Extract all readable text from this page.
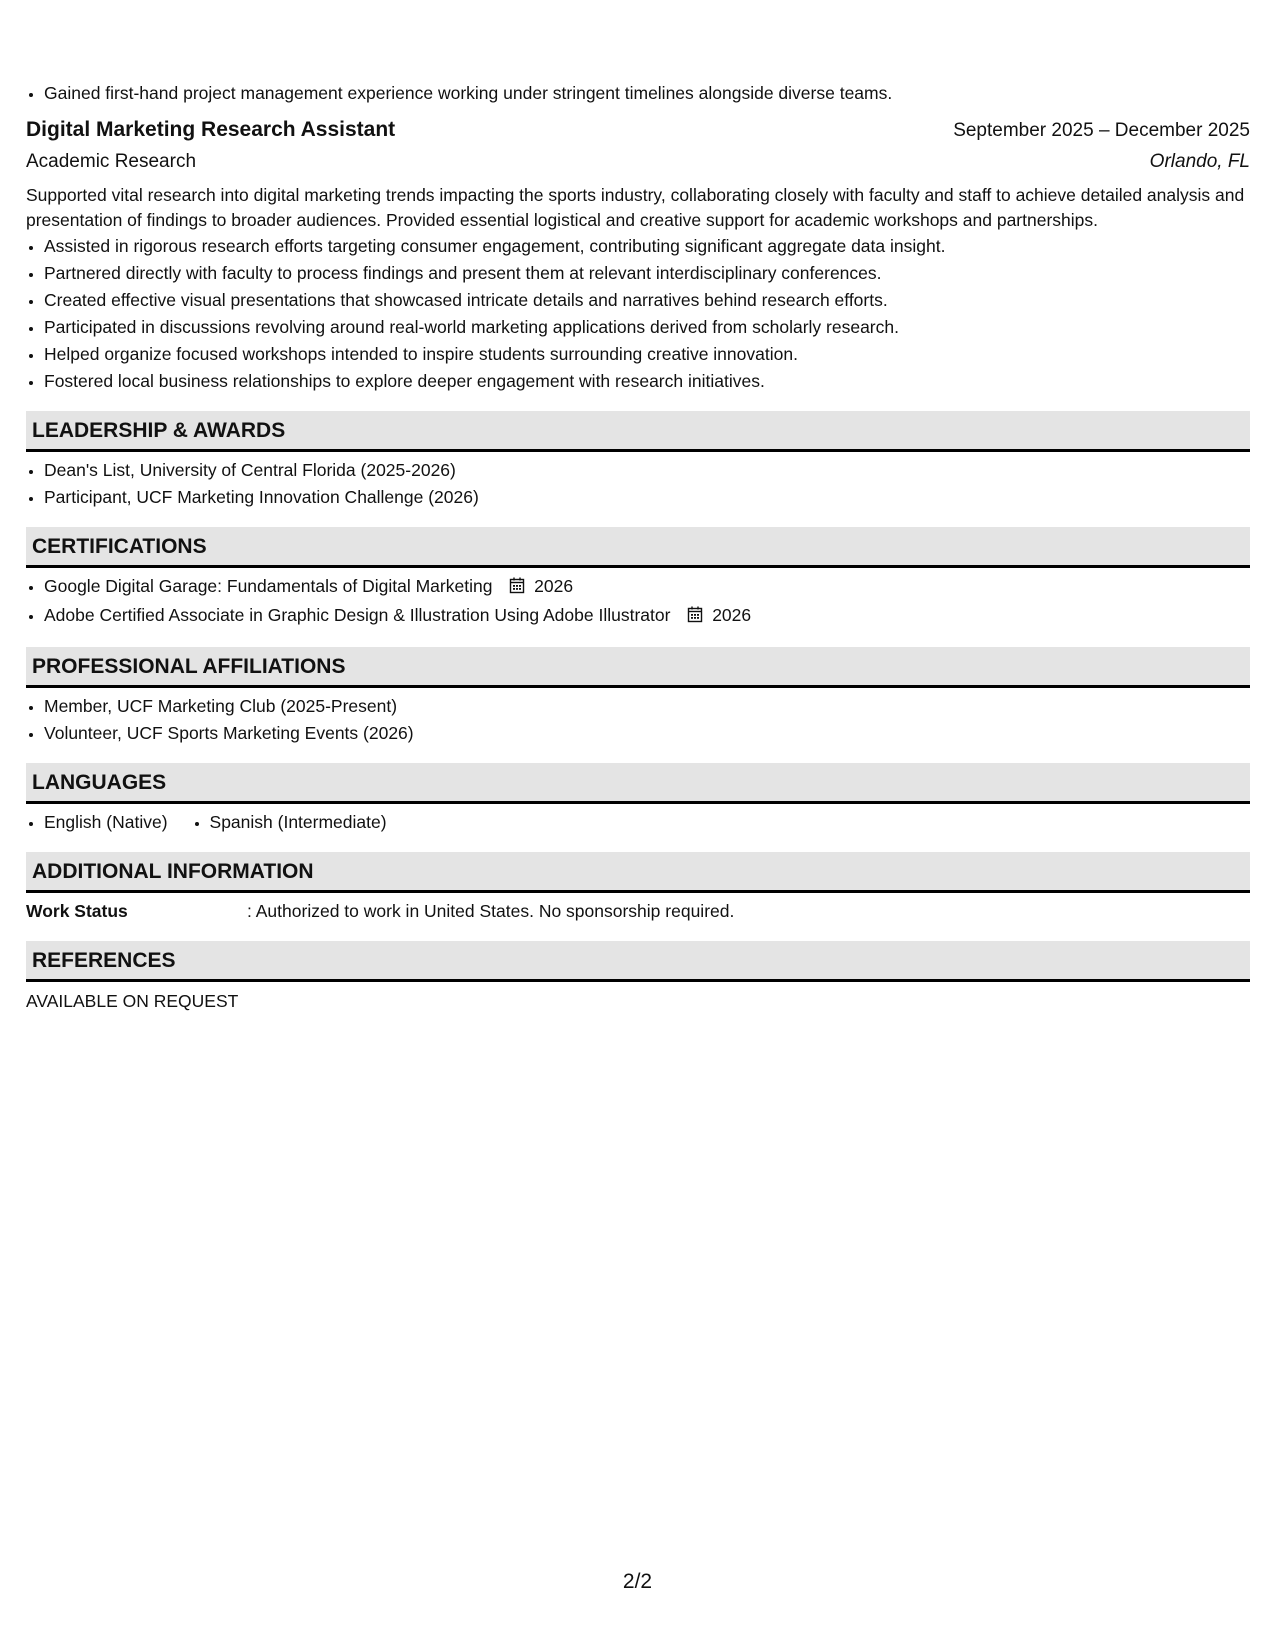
• Gained first-hand project management experience working under stringent timelines alongside diverse teams.
Digital Marketing Research Assistant	September 2025 – December 2025
Academic Research	Orlando, FL

Supported vital research into digital marketing trends impacting the sports industry, collaborating closely with faculty and staff to achieve detailed analysis and presentation of findings to broader audiences. Provided essential logistical and creative support for academic workshops and partnerships.

• Assisted in rigorous research efforts targeting consumer engagement, contributing significant aggregate data insight.
• Partnered directly with faculty to process findings and present them at relevant interdisciplinary conferences.
• Created effective visual presentations that showcased intricate details and narratives behind research efforts.
• Participated in discussions revolving around real-world marketing applications derived from scholarly research.
• Helped organize focused workshops intended to inspire students surrounding creative innovation.
• Fostered local business relationships to explore deeper engagement with research initiatives.
LEADERSHIP & AWARDS
• Dean's List, University of Central Florida (2025-2026)
• Participant, UCF Marketing Innovation Challenge (2026)
CERTIFICATIONS
• Google Digital Garage: Fundamentals of Digital Marketing 2026
• Adobe Certified Associate in Graphic Design & Illustration Using Adobe Illustrator 2026
PROFESSIONAL AFFILIATIONS
• Member, UCF Marketing Club (2025-Present)
• Volunteer, UCF Sports Marketing Events (2026)
LANGUAGES
• English (Native)
• Spanish (Intermediate)
ADDITIONAL INFORMATION
Work Status	: Authorized to work in United States. No sponsorship required.
REFERENCES
AVAILABLE ON REQUEST
2/2
